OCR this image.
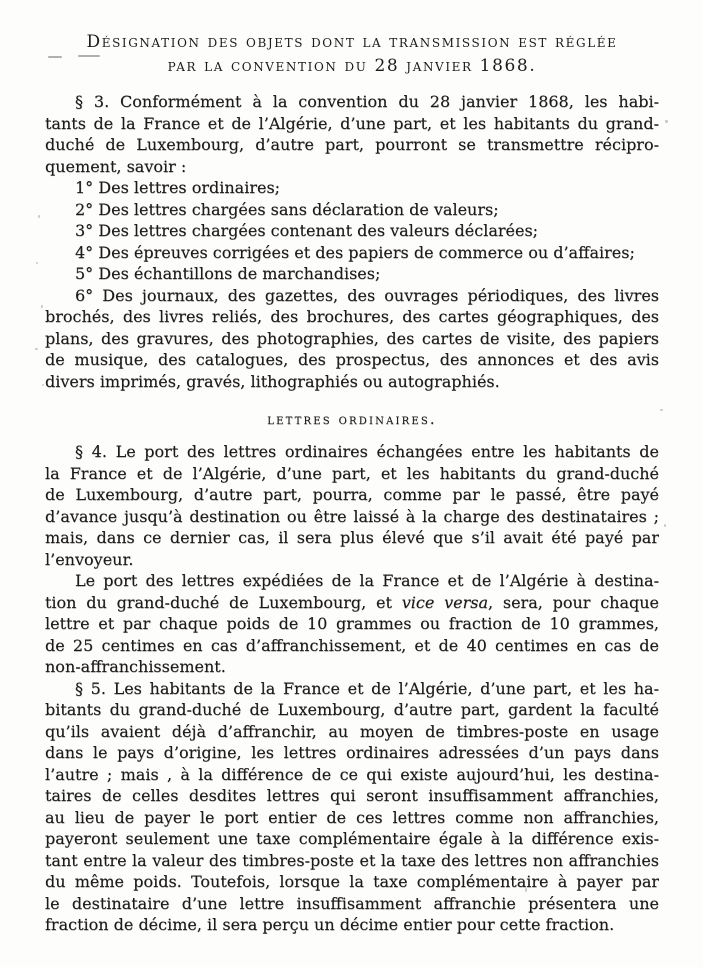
Désignation des objets dont la transmission est réglée
par la convention du 28 janvier 1868.
§ 3. Conformément à la convention du 28 janvier 1868, les habi-
tants de la France et de l’Algérie, d’une part, et les habitants du grand-
duché de Luxembourg, d’autre part, pourront se transmettre récipro-
quement, savoir :
1° Des lettres ordinaires;
2° Des lettres chargées sans déclaration de valeurs;
3° Des lettres chargées contenant des valeurs déclarées;
4° Des épreuves corrigées et des papiers de commerce ou d’affaires;
5° Des échantillons de marchandises;
6° Des journaux, des gazettes, des ouvrages périodiques, des livres
brochés, des livres reliés, des brochures, des cartes géographiques, des
plans, des gravures, des photographies, des cartes de visite, des papiers
de musique, des catalogues, des prospectus, des annonces et des avis
divers imprimés, gravés, lithographiés ou autographiés.
lettres ordinaires.
§ 4. Le port des lettres ordinaires échangées entre les habitants de
la France et de l’Algérie, d’une part, et les habitants du grand-duché
de Luxembourg, d’autre part, pourra, comme par le passé, être payé
d’avance jusqu’à destination ou être laissé à la charge des destinataires ;
mais, dans ce dernier cas, il sera plus élevé que s’il avait été payé par
l’envoyeur.
Le port des lettres expédiées de la France et de l’Algérie à destina-
tion du grand-duché de Luxembourg, et vice versa, sera, pour chaque
lettre et par chaque poids de 10 grammes ou fraction de 10 grammes,
de 25 centimes en cas d’affranchissement, et de 40 centimes en cas de
non-affranchissement.
§ 5. Les habitants de la France et de l’Algérie, d’une part, et les ha-
bitants du grand-duché de Luxembourg, d’autre part, gardent la faculté
qu’ils avaient déjà d’affranchir, au moyen de timbres-poste en usage
dans le pays d’origine, les lettres ordinaires adressées d’un pays dans
l’autre ; mais , à la différence de ce qui existe aujourd’hui, les destina-
taires de celles desdites lettres qui seront insuffisamment affranchies,
au lieu de payer le port entier de ces lettres comme non affranchies,
payeront seulement une taxe complémentaire égale à la différence exis-
tant entre la valeur des timbres-poste et la taxe des lettres non affranchies
du même poids. Toutefois, lorsque la taxe complémentaire à payer par
le destinataire d’une lettre insuffisamment affranchie présentera une
fraction de décime, il sera perçu un décime entier pour cette fraction.
